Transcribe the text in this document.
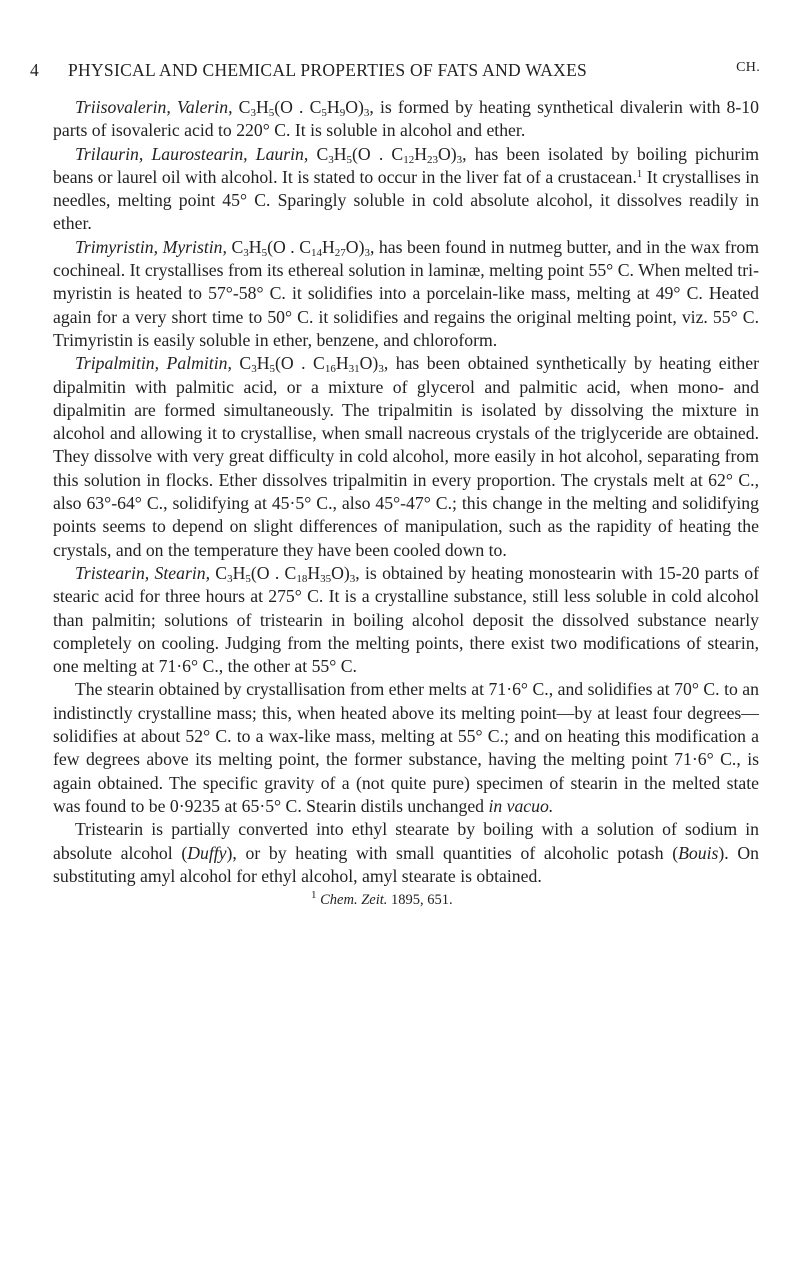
4 PHYSICAL AND CHEMICAL PROPERTIES OF FATS AND WAXES	CH.

Triisovalerin, Valerin, $C_3H_5(O$ . $C_5H_9O)_3$, is formed by heating synthetical divalerin with 8-10 parts of isovaleric acid to 220° C. It is soluble in alcohol and ether.

Trilaurin, Laurostearin, Laurin, $C_3H_5(O$ . $C_{12}H_{23}O)_3$, has been isolated by boiling pichurim beans or laurel oil with alcohol. It is stated to occur in the liver fat of a crustacean.$^1$ It crystallises in needles, melting point 45° C. Sparingly soluble in cold absolute alcohol, it dissolves readily in ether.

Trimyristin, Myristin, $C_3H_5(O$ . $C_{14}H_{27}O)_3$, has been found in nutmeg butter, and in the wax from cochineal. It crystallises from its ethereal solution in laminæ, melting point 55° C. When melted trimyristin is heated to 57°-58° C. it solidifies into a porcelain-like mass, melting at 49° C. Heated again for a very short time to 50° C. it solidifies and regains the original melting point, viz. 55° C. Trimyristin is easily soluble in ether, benzene, and chloroform.

Tripalmitin, Palmitin, $C_3H_5(O$ . $C_{16}H_{31}O)_3$, has been obtained synthetically by heating either dipalmitin with palmitic acid, or a mixture of glycerol and palmitic acid, when mono- and dipalmitin are formed simultaneously. The tripalmitin is isolated by dissolving the mixture in alcohol and allowing it to crystallise, when small nacreous crystals of the triglyceride are obtained. They dissolve with very great difficulty in cold alcohol, more easily in hot alcohol, separating from this solution in flocks. Ether dissolves tripalmitin in every proportion. The crystals melt at 62° C., also 63°-64° C., solidifying at 45·5° C., also 45°-47° C.; this change in the melting and solidifying points seems to depend on slight differences of manipulation, such as the rapidity of heating the crystals, and on the temperature they have been cooled down to.

Tristearin, Stearin, $C_3H_5(O$ . $C_{18}H_{35}O)_3$, is obtained by heating monostearin with 15-20 parts of stearic acid for three hours at 275° C. It is a crystalline substance, still less soluble in cold alcohol than palmitin; solutions of tristearin in boiling alcohol deposit the dissolved substance nearly completely on cooling. Judging from the melting points, there exist two modifications of stearin, one melting at 71·6° C., the other at 55° C.

The stearin obtained by crystallisation from ether melts at 71·6° C., and solidifies at 70° C. to an indistinctly crystalline mass; this, when heated above its melting point—by at least four degrees—solidifies at about 52° C. to a wax-like mass, melting at 55° C.; and on heating this modification a few degrees above its melting point, the former substance, having the melting point 71·6° C., is again obtained. The specific gravity of a (not quite pure) specimen of stearin in the melted state was found to be 0·9235 at 65·5° C. Stearin distils unchanged in vacuo.

Tristearin is partially converted into ethyl stearate by boiling with a solution of sodium in absolute alcohol (Duffy), or by heating with small quantities of alcoholic potash (Bouis). On substituting amyl alcohol for ethyl alcohol, amyl stearate is obtained.

$^1$ Chem. Zeit. 1895, 651.
